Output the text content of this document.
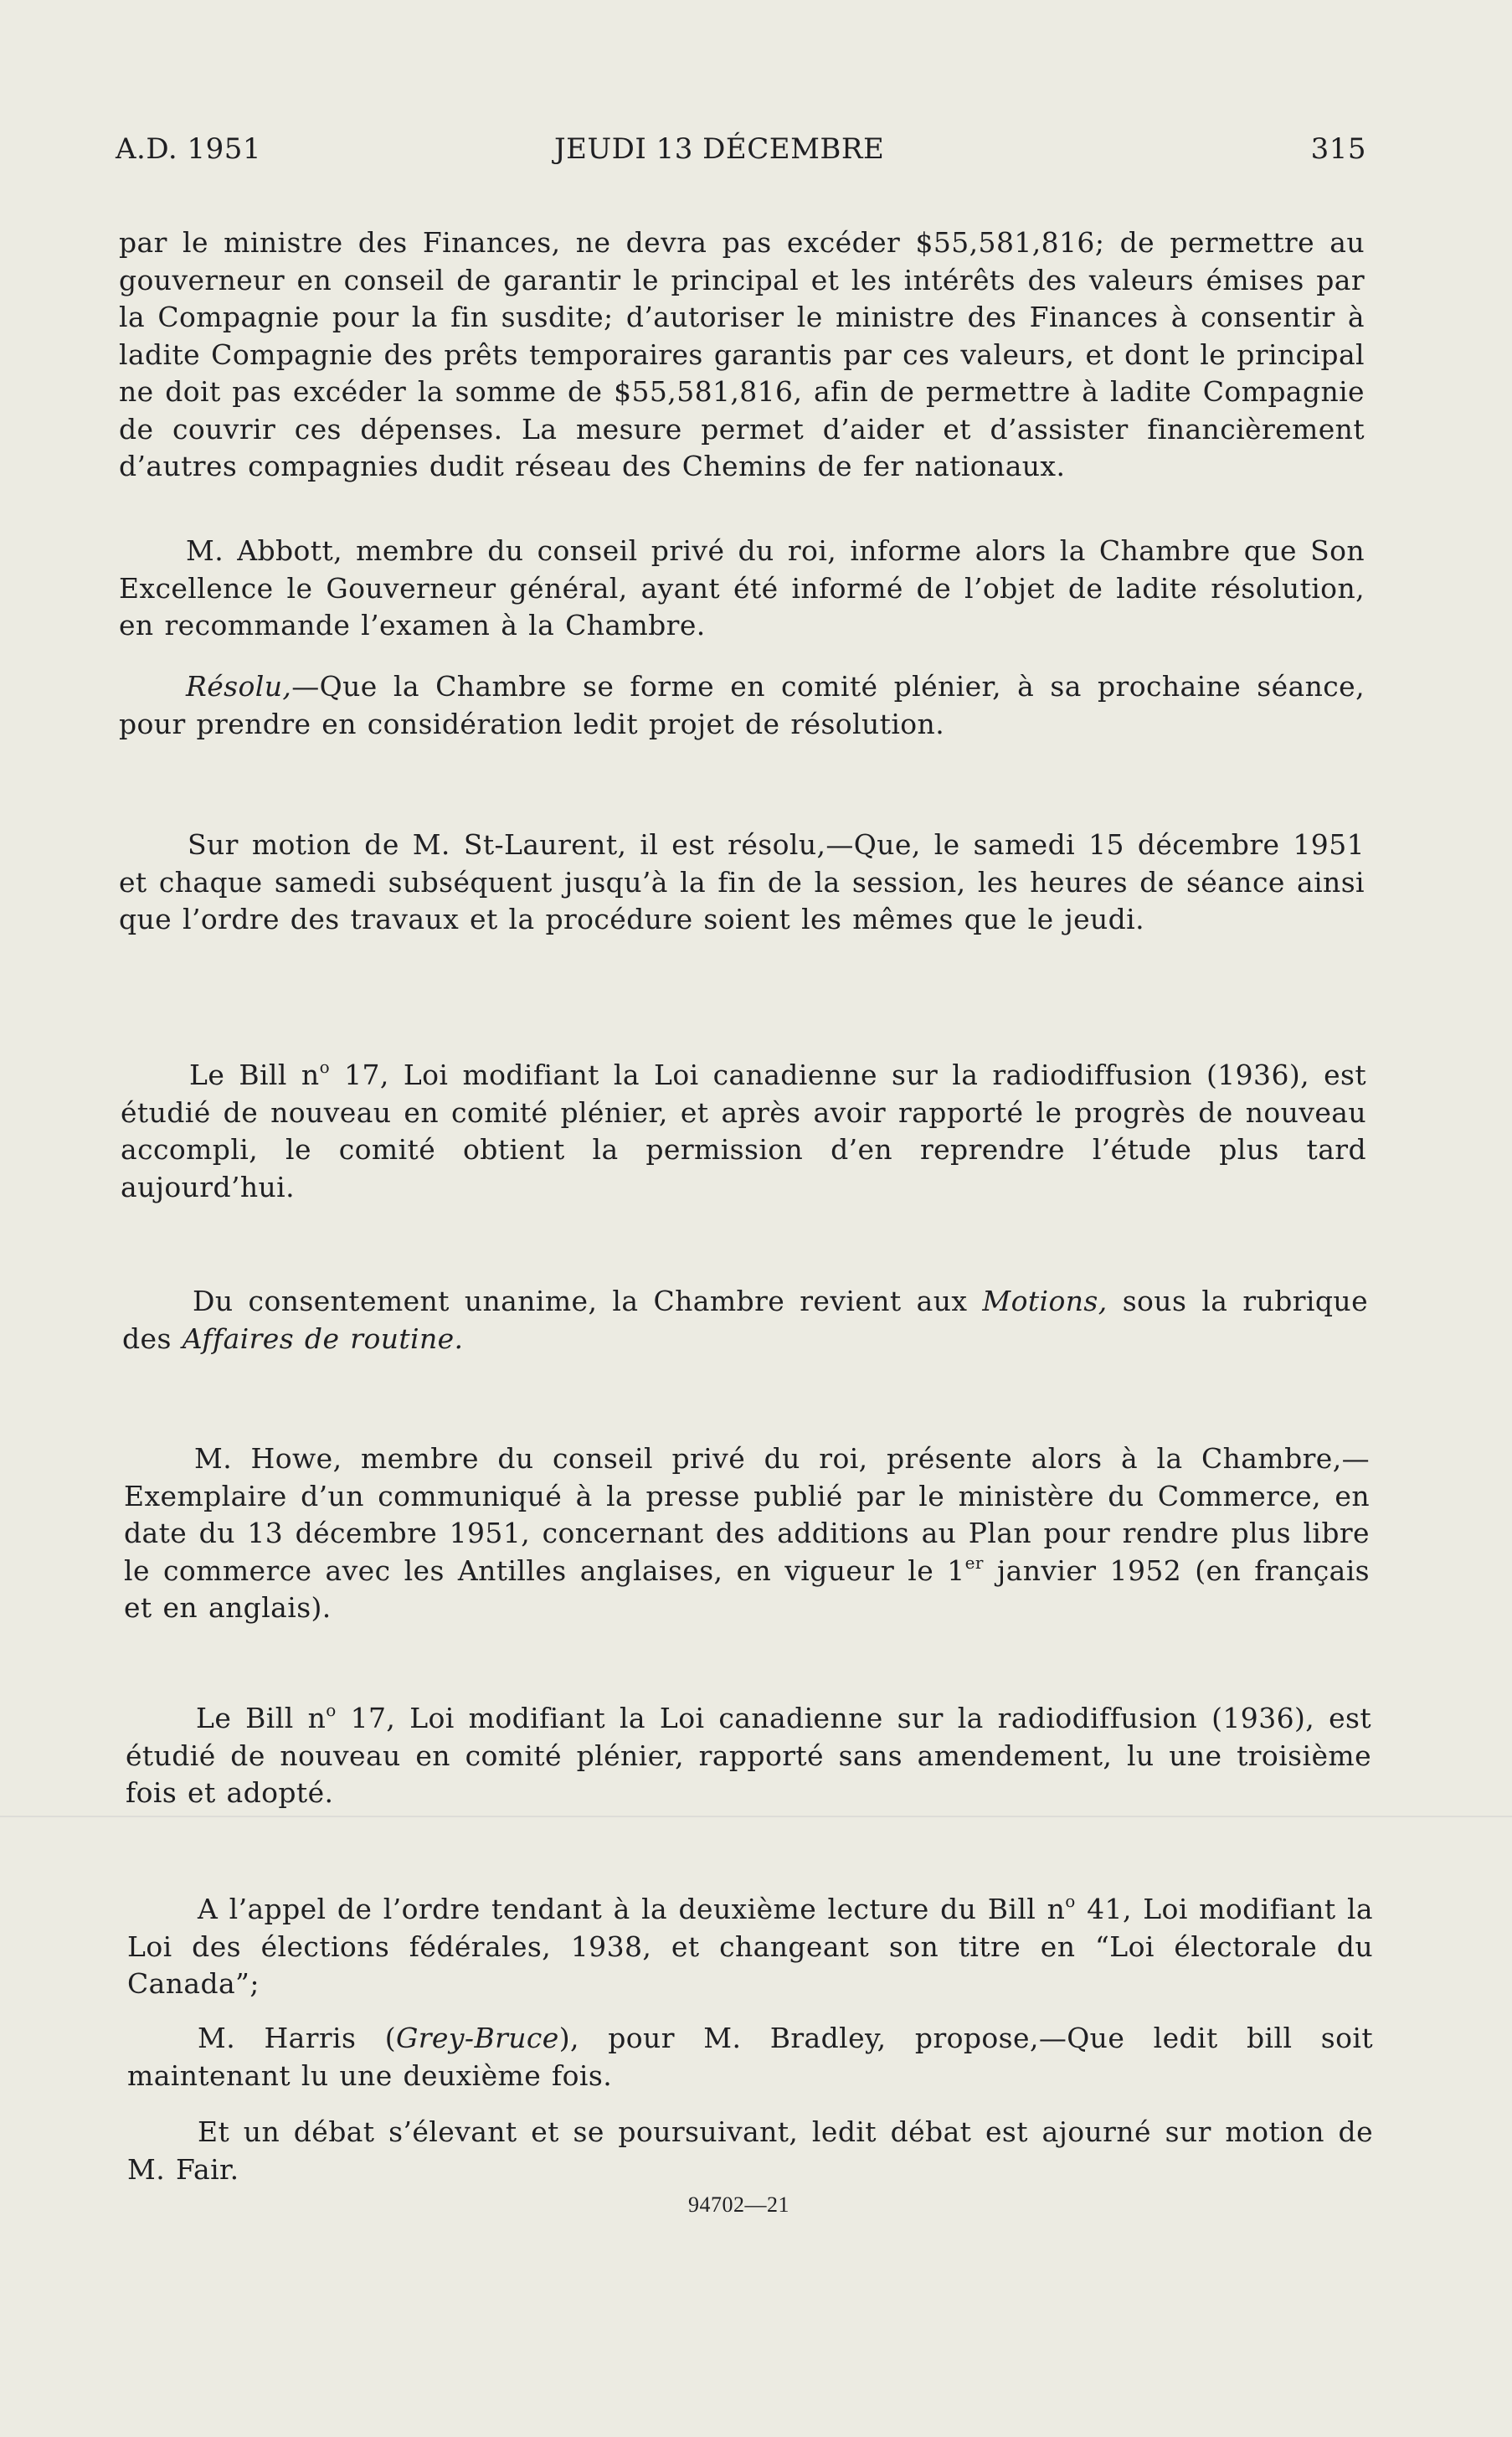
A.D. 1951	JEUDI 13 DÉCEMBRE	315

par le ministre des Finances, ne devra pas excéder $55,581,816; de permettre au gouverneur en conseil de garantir le principal et les intérêts des valeurs émises par la Compagnie pour la fin susdite; d’autoriser le ministre des Finances à consentir à ladite Compagnie des prêts temporaires garantis par ces valeurs, et dont le principal ne doit pas excéder la somme de $55,581,816, afin de permettre à ladite Compagnie de couvrir ces dépenses. La mesure permet d’aider et d’assister financièrement d’autres compagnies dudit réseau des Chemins de fer nationaux.

M. Abbott, membre du conseil privé du roi, informe alors la Chambre que Son Excellence le Gouverneur général, ayant été informé de l’objet de ladite résolution, en recommande l’examen à la Chambre.

Résolu,—Que la Chambre se forme en comité plénier, à sa prochaine séance, pour prendre en considération ledit projet de résolution.

Sur motion de M. St-Laurent, il est résolu,—Que, le samedi 15 décembre 1951 et chaque samedi subséquent jusqu’à la fin de la session, les heures de séance ainsi que l’ordre des travaux et la procédure soient les mêmes que le jeudi.

Le Bill $n^o$ 17, Loi modifiant la Loi canadienne sur la radiodiffusion (1936), est étudié de nouveau en comité plénier, et après avoir rapporté le progrès de nouveau accompli, le comité obtient la permission d’en reprendre l’étude plus tard aujourd’hui.

Du consentement unanime, la Chambre revient aux Motions, sous la rubrique des Affaires de routine.

M. Howe, membre du conseil privé du roi, présente alors à la Chambre,—Exemplaire d’un communiqué à la presse publié par le ministère du Commerce, en date du 13 décembre 1951, concernant des additions au Plan pour rendre plus libre le commerce avec les Antilles anglaises, en vigueur le 1er janvier 1952 (en français et en anglais).

Le Bill $n^o$ 17, Loi modifiant la Loi canadienne sur la radiodiffusion (1936), est étudié de nouveau en comité plénier, rapporté sans amendement, lu une troisième fois et adopté.

A l’appel de l’ordre tendant à la deuxième lecture du Bill $n^o$ 41, Loi modifiant la Loi des élections fédérales, 1938, et changeant son titre en “Loi électorale du Canada”;

M. Harris (Grey-Bruce), pour M. Bradley, propose,—Que ledit bill soit maintenant lu une deuxième fois.

Et un débat s’élevant et se poursuivant, ledit débat est ajourné sur motion de M. Fair.

94702—21
